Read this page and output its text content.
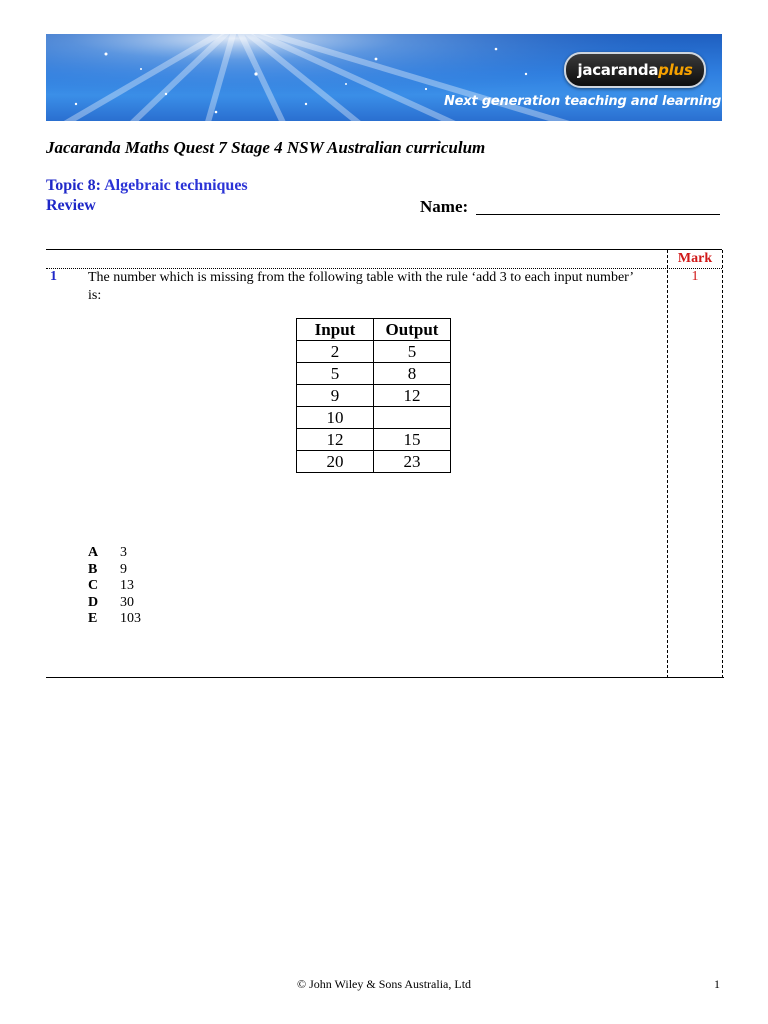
jacaranda plus
Next generation teaching and learning
Jacaranda Maths Quest 7 Stage 4 NSW Australian curriculum
Topic 8: Algebraic techniques
Review	Name:
Mark
1
1 The number which is missing from the following table with the rule ‘add 3 to each input number’ is:
Input	Output
2	5
5	8
9	12
10	
12	15
20	23
A	3
B	9
C	13
D	30
E	103
© John Wiley & Sons Australia, Ltd	1
